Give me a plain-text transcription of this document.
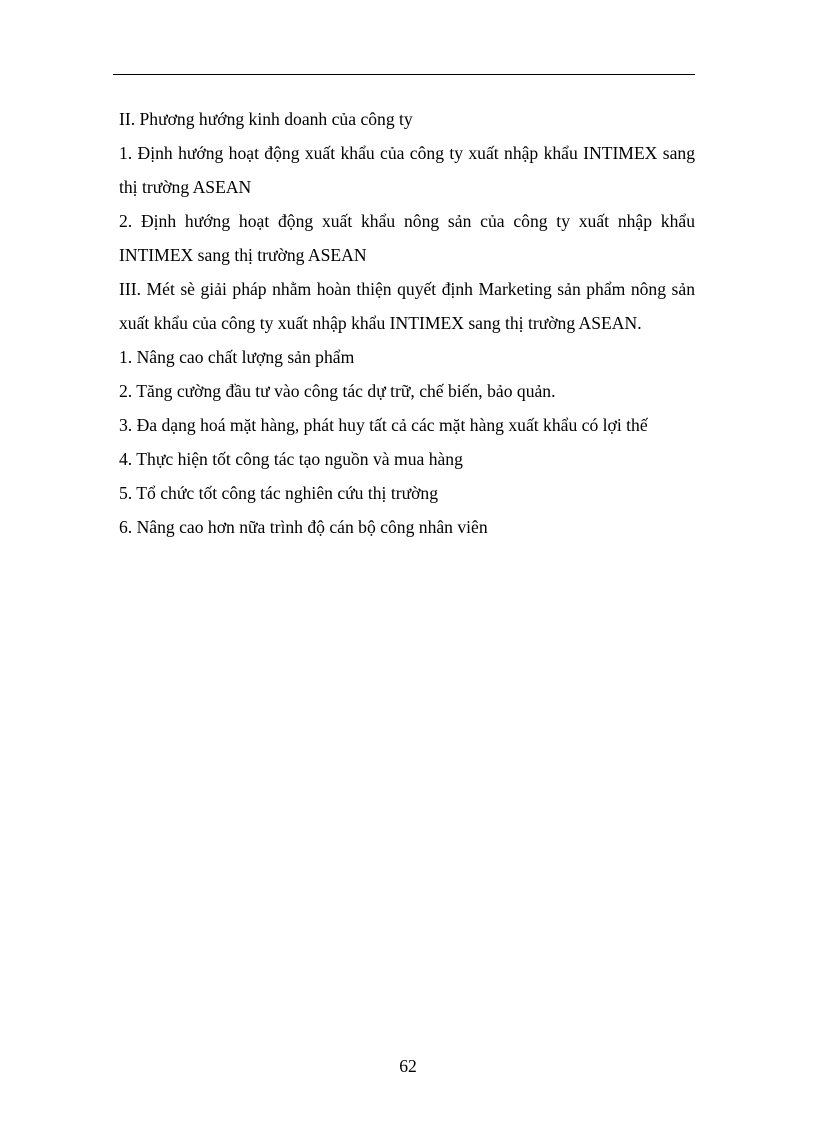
II. Phương hướng kinh doanh của công ty

1. Định hướng hoạt động xuất khẩu của công ty xuất nhập khẩu INTIMEX sang thị trường ASEAN

2. Định hướng hoạt động xuất khẩu nông sản của công ty xuất nhập khẩu INTIMEX sang thị trường ASEAN

III. Mét sè giải pháp nhằm hoàn thiện quyết định Marketing sản phẩm nông sản xuất khẩu của công ty xuất nhập khẩu INTIMEX sang thị trường ASEAN.

1. Nâng cao chất lượng sản phẩm

2. Tăng cường đầu tư vào công tác dự trữ, chế biến, bảo quản.

3. Đa dạng hoá mặt hàng, phát huy tất cả các mặt hàng xuất khẩu có lợi thế

4. Thực hiện tốt công tác tạo nguồn và mua hàng

5. Tổ chức tốt công tác nghiên cứu thị trường

6. Nâng cao hơn nữa trình độ cán bộ công nhân viên

62
